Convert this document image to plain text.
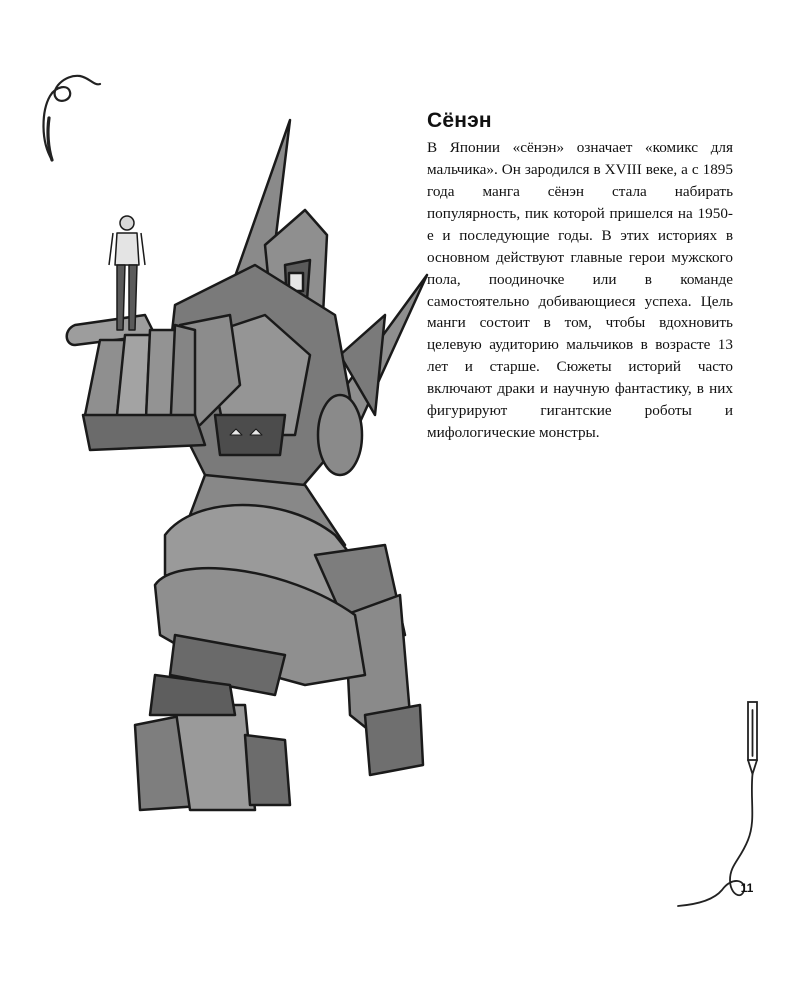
Сёнэн

В Японии «сёнэн» означает «комикс для мальчика». Он зародился в XVIII веке, а с 1895 года манга сёнэн стала набирать популярность, пик которой пришелся на 1950-е и последующие годы. В этих историях в основном действуют главные герои мужского пола, поодиночке или в команде самостоятельно добивающиеся успеха. Цель манги состоит в том, чтобы вдохновить целевую аудиторию мальчиков в возрасте 13 лет и старше. Сюжеты историй часто включают драки и научную фантастику, в них фигурируют гигантские роботы и мифологические монстры.

11
